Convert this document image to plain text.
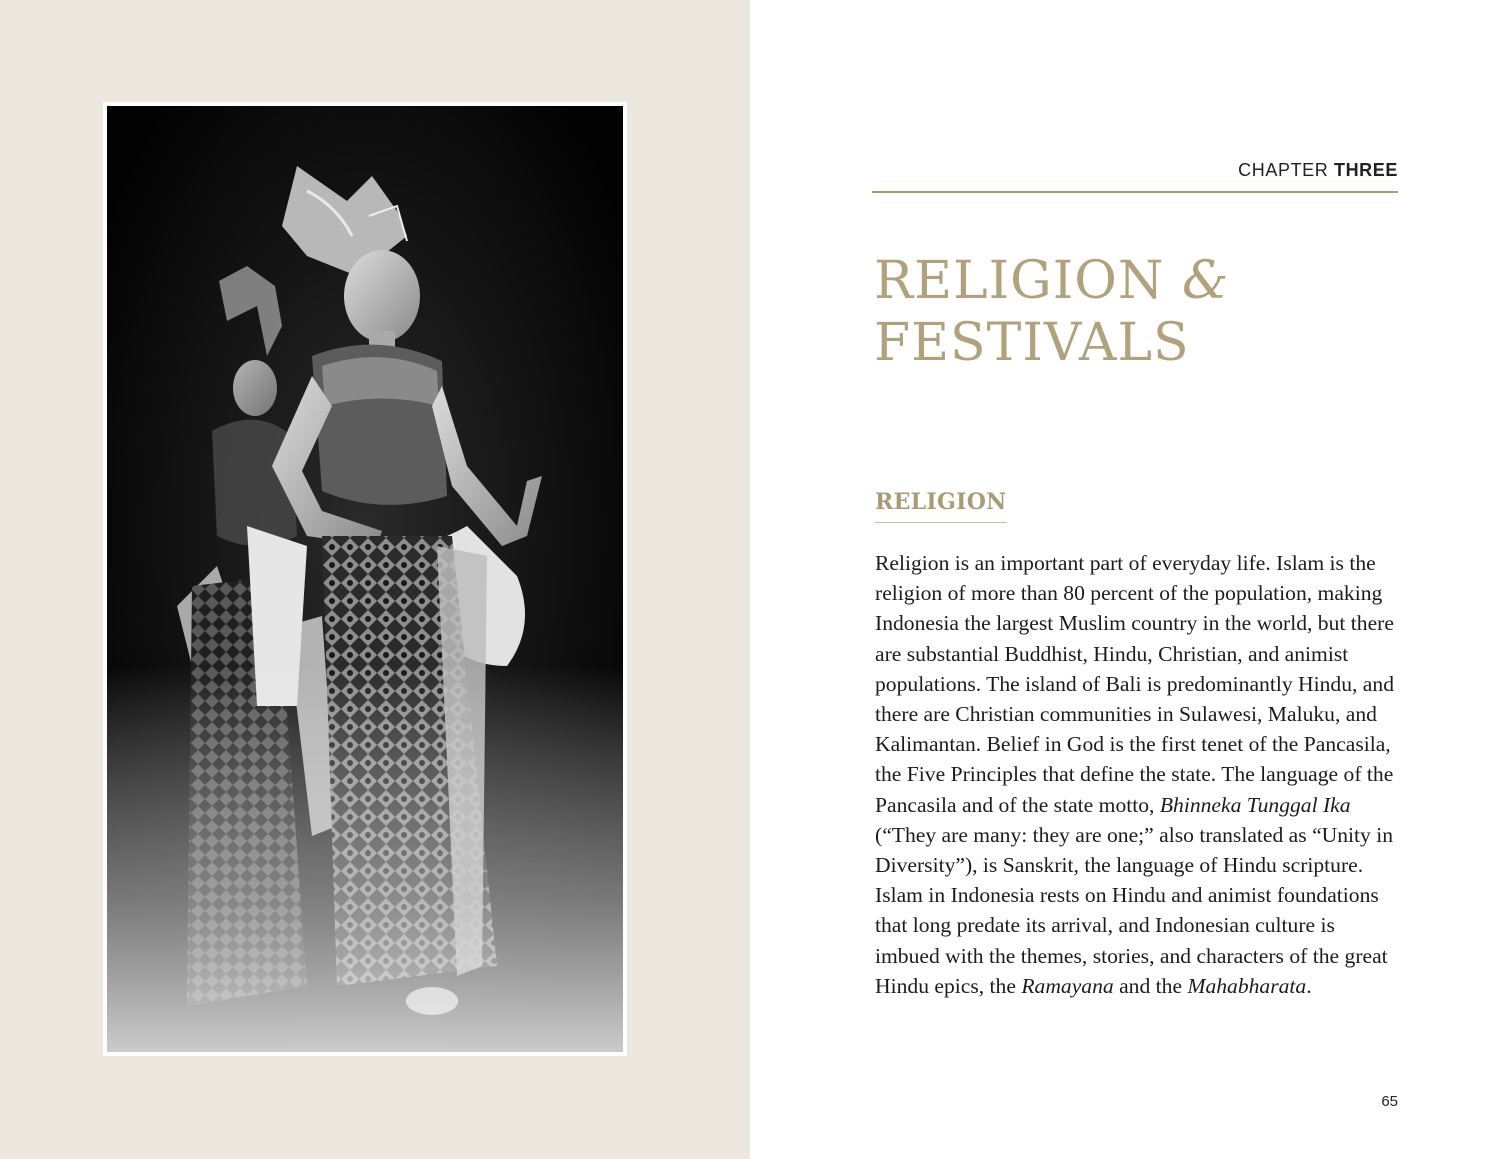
CHAPTER THREE
RELIGION &
FESTIVALS
RELIGION

Religion is an important part of everyday life. Islam is the religion of more than 80 percent of the population, making Indonesia the largest Muslim country in the world, but there are substantial Buddhist, Hindu, Christian, and animist populations. The island of Bali is predominantly Hindu, and there are Christian communities in Sulawesi, Maluku, and Kalimantan. Belief in God is the first tenet of the Pancasila, the Five Principles that define the state. The language of the Pancasila and of the state motto, Bhinneka Tunggal Ika (“They are many: they are one;” also translated as “Unity in Diversity”), is Sanskrit, the language of Hindu scripture. Islam in Indonesia rests on Hindu and animist foundations that long predate its arrival, and Indonesian culture is imbued with the themes, stories, and characters of the great Hindu epics, the Ramayana and the Mahabharata.

65
